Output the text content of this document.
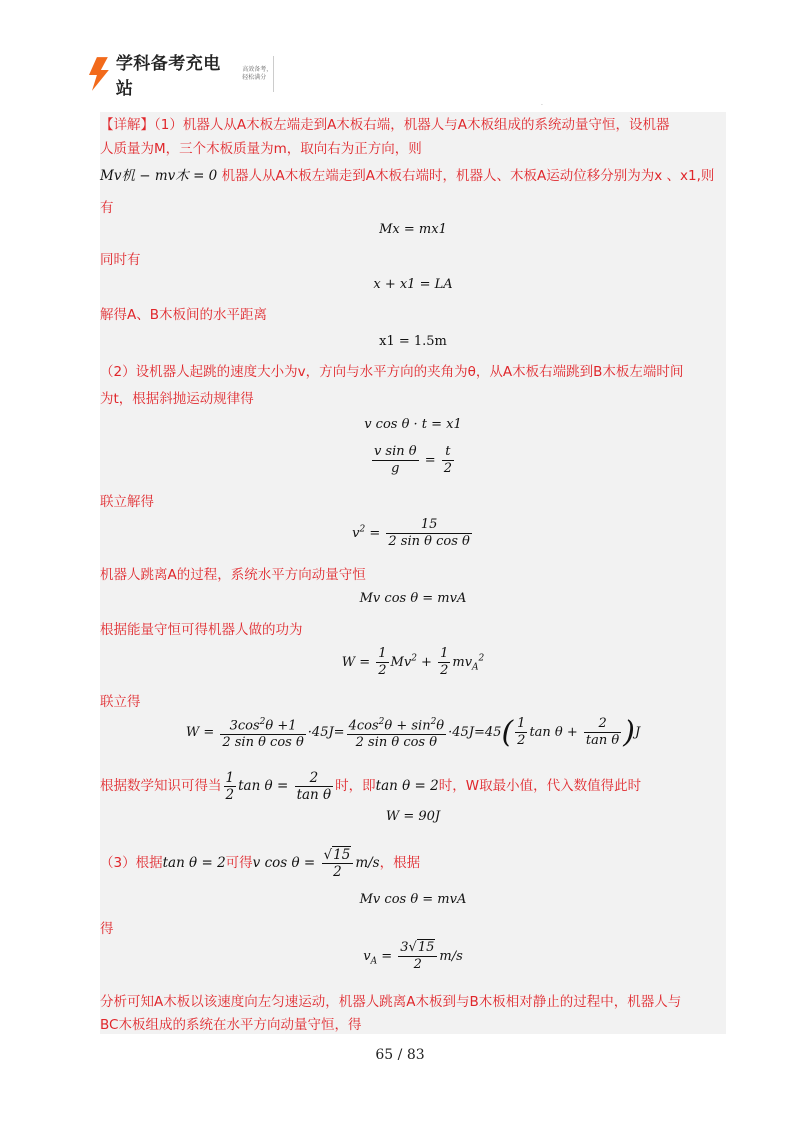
学科备考充电站
高效备考，轻松满分
.
【详解】（1）机器人从A木板左端走到A木板右端，机器人与A木板组成的系统动量守恒，设机器
人质量为M，三个木板质量为m，取向右为正方向，则
Mv机 − mv木 = 0 机器人从A木板左端走到A木板右端时，机器人、木板A运动位移分别为为x 、x1,则
有
Mx = mx1
同时有
x + x1 = LA
解得A、B木板间的水平距离
x1 = 1.5m
（2）设机器人起跳的速度大小为v，方向与水平方向的夹角为θ，从A木板右端跳到B木板左端时间
为t，根据斜抛运动规律得
v cos θ · t = x1
$\frac{\text{v sin θ}}{g} = \frac{t}{2}$
联立解得
$v^2 = \frac{15}{\text{2 sin θ cos θ}}$
机器人跳离A的过程，系统水平方向动量守恒
Mv cos θ = mvA
根据能量守恒可得机器人做的功为
$W = \frac{1}{2} Mv^2 + \frac{1}{2} mv_A^2$
联立得
$W = \frac{3\cos^2\theta +1}{\text{2 sin θ cos θ}} \cdot 45J= \frac{4\cos^2\theta + \sin^2\theta}{\text{2 sin θ cos θ}} \cdot 45J=45( \frac{1}{2}$ $\tan \theta + \frac{2}{\text{tan θ}} )J$
根据数学知识可得当 $\frac{1}{2}$ $\tan \theta = \frac{2}{\text{tan θ}}$ 时，即tan θ = 2时，W取最小值，代入数值得此时
W = 90J
（3）根据tan θ = 2可得v $\cos \theta = \frac{√15}{2} m/s$，根据
Mv cos θ = mvA
得
$v_A = \frac{3√15}{2} m/s$
分析可知A木板以该速度向左匀速运动，机器人跳离A木板到与B木板相对静止的过程中，机器人与
BC木板组成的系统在水平方向动量守恒，得
65 / 83
